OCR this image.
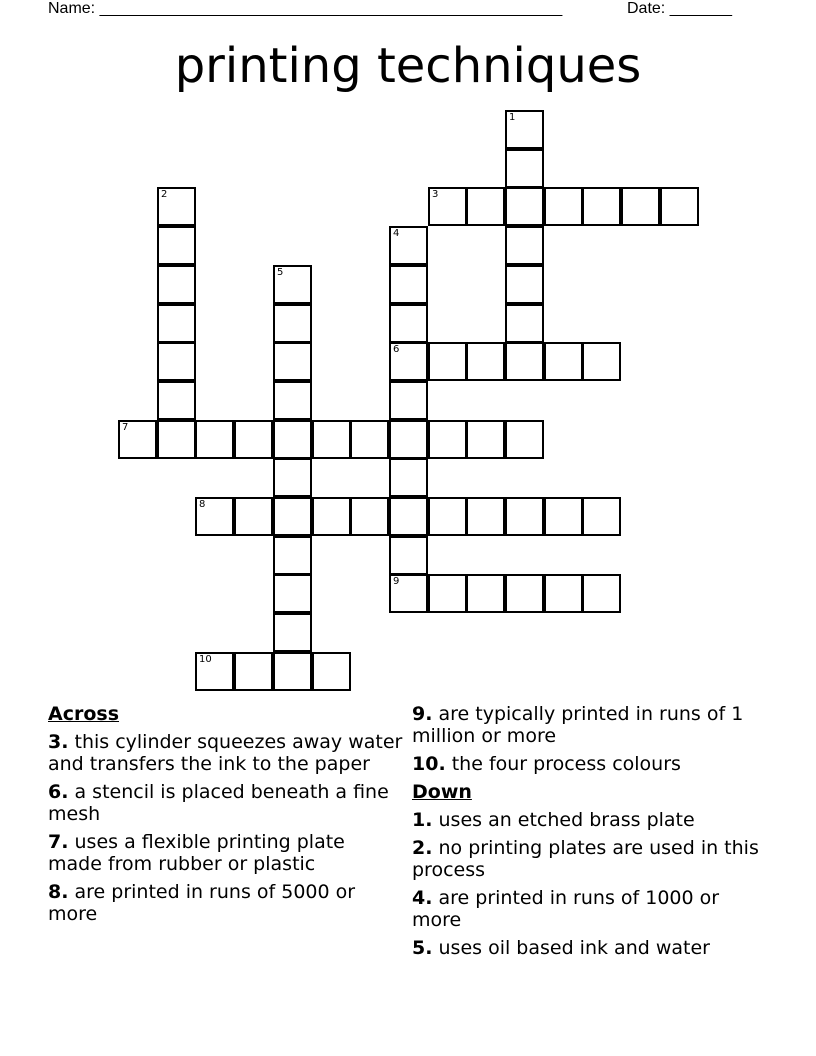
Name: ____________________________________________________	Date: _______
printing techniques
1
2	3
4
6
9
5
7
8
10
Across
3. this cylinder squeezes away water and transfers the ink to the paper
6. a stencil is placed beneath a fine mesh
7. uses a flexible printing plate made from rubber or plastic
8. are printed in runs of 5000 or more
9. are typically printed in runs of 1 million or more
10. the four process colours
Down
1. uses an etched brass plate
2. no printing plates are used in this process
4. are printed in runs of 1000 or more
5. uses oil based ink and water
